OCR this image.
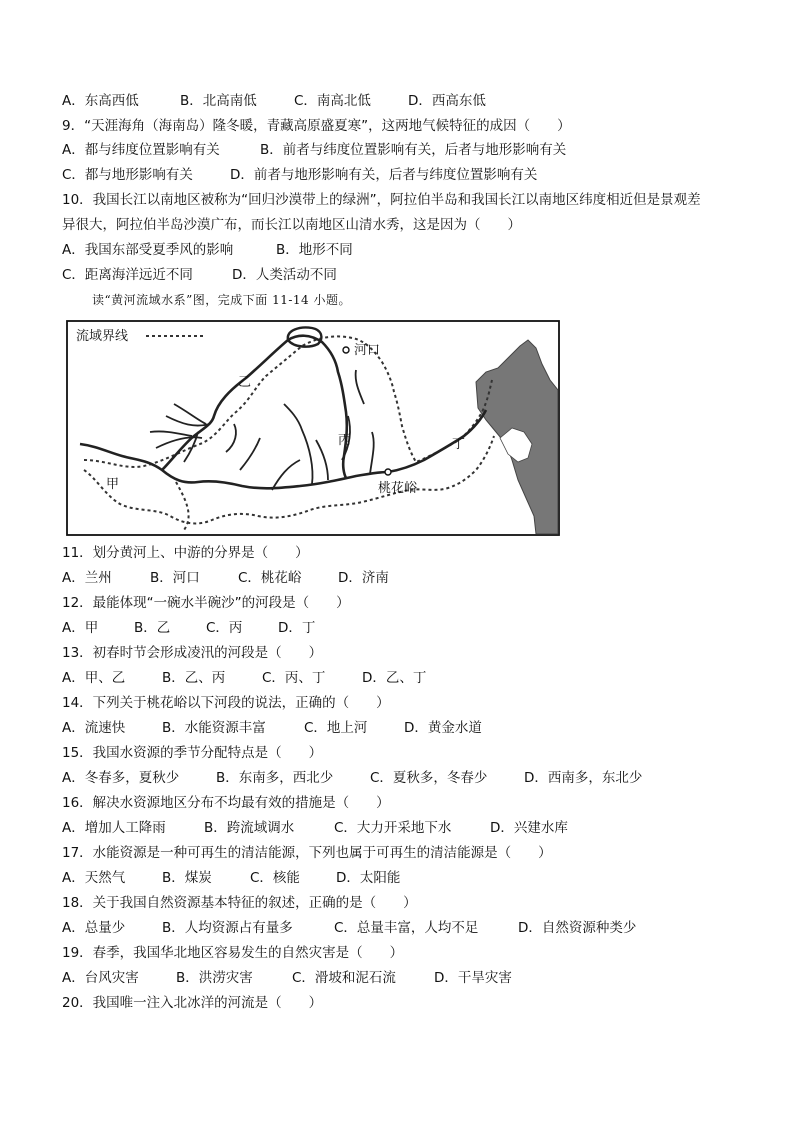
A．东高西低	B．北高南低	C．南高北低	D．西高东低
9．“天涯海角（海南岛）隆冬暖，青藏高原盛夏寒”，这两地气候特征的成因（　　）
A．都与纬度位置影响有关	B．前者与纬度位置影响有关，后者与地形影响有关
C．都与地形影响有关	D．前者与地形影响有关，后者与纬度位置影响有关
10．我国长江以南地区被称为“回归沙漠带上的绿洲”，阿拉伯半岛和我国长江以南地区纬度相近但是景观差
异很大，阿拉伯半岛沙漠广布，而长江以南地区山清水秀，这是因为（　　）
A．我国东部受夏季风的影响	B．地形不同
C．距离海洋远近不同	D．人类活动不同
读“黄河流域水系”图，完成下面 11-14 小题。
流域界线
河口
乙
丙	丁
甲	桃花峪
11．划分黄河上、中游的分界是（　　）
A．兰州	B．河口	C．桃花峪	D．济南
12．最能体现“一碗水半碗沙”的河段是（　　）
A．甲	B．乙	C．丙	D．丁
13．初春时节会形成凌汛的河段是（　　）
A．甲、乙	B．乙、丙	C．丙、丁	D．乙、丁
14．下列关于桃花峪以下河段的说法，正确的（　　）
A．流速快	B．水能资源丰富	C．地上河	D．黄金水道
15．我国水资源的季节分配特点是（　　）
A．冬春多，夏秋少	B．东南多，西北少	C．夏秋多，冬春少	D．西南多，东北少
16．解决水资源地区分布不均最有效的措施是（　　）
A．增加人工降雨	B．跨流域调水	C．大力开采地下水	D．兴建水库
17．水能资源是一种可再生的清洁能源，下列也属于可再生的清洁能源是（　　）
A．天然气	B．煤炭	C．核能	D．太阳能
18．关于我国自然资源基本特征的叙述，正确的是（　　）
A．总量少	B．人均资源占有量多	C．总量丰富，人均不足	D．自然资源种类少
19．春季，我国华北地区容易发生的自然灾害是（　　）
A．台风灾害	B．洪涝灾害	C．滑坡和泥石流	D．干旱灾害
20．我国唯一注入北冰洋的河流是（　　）
